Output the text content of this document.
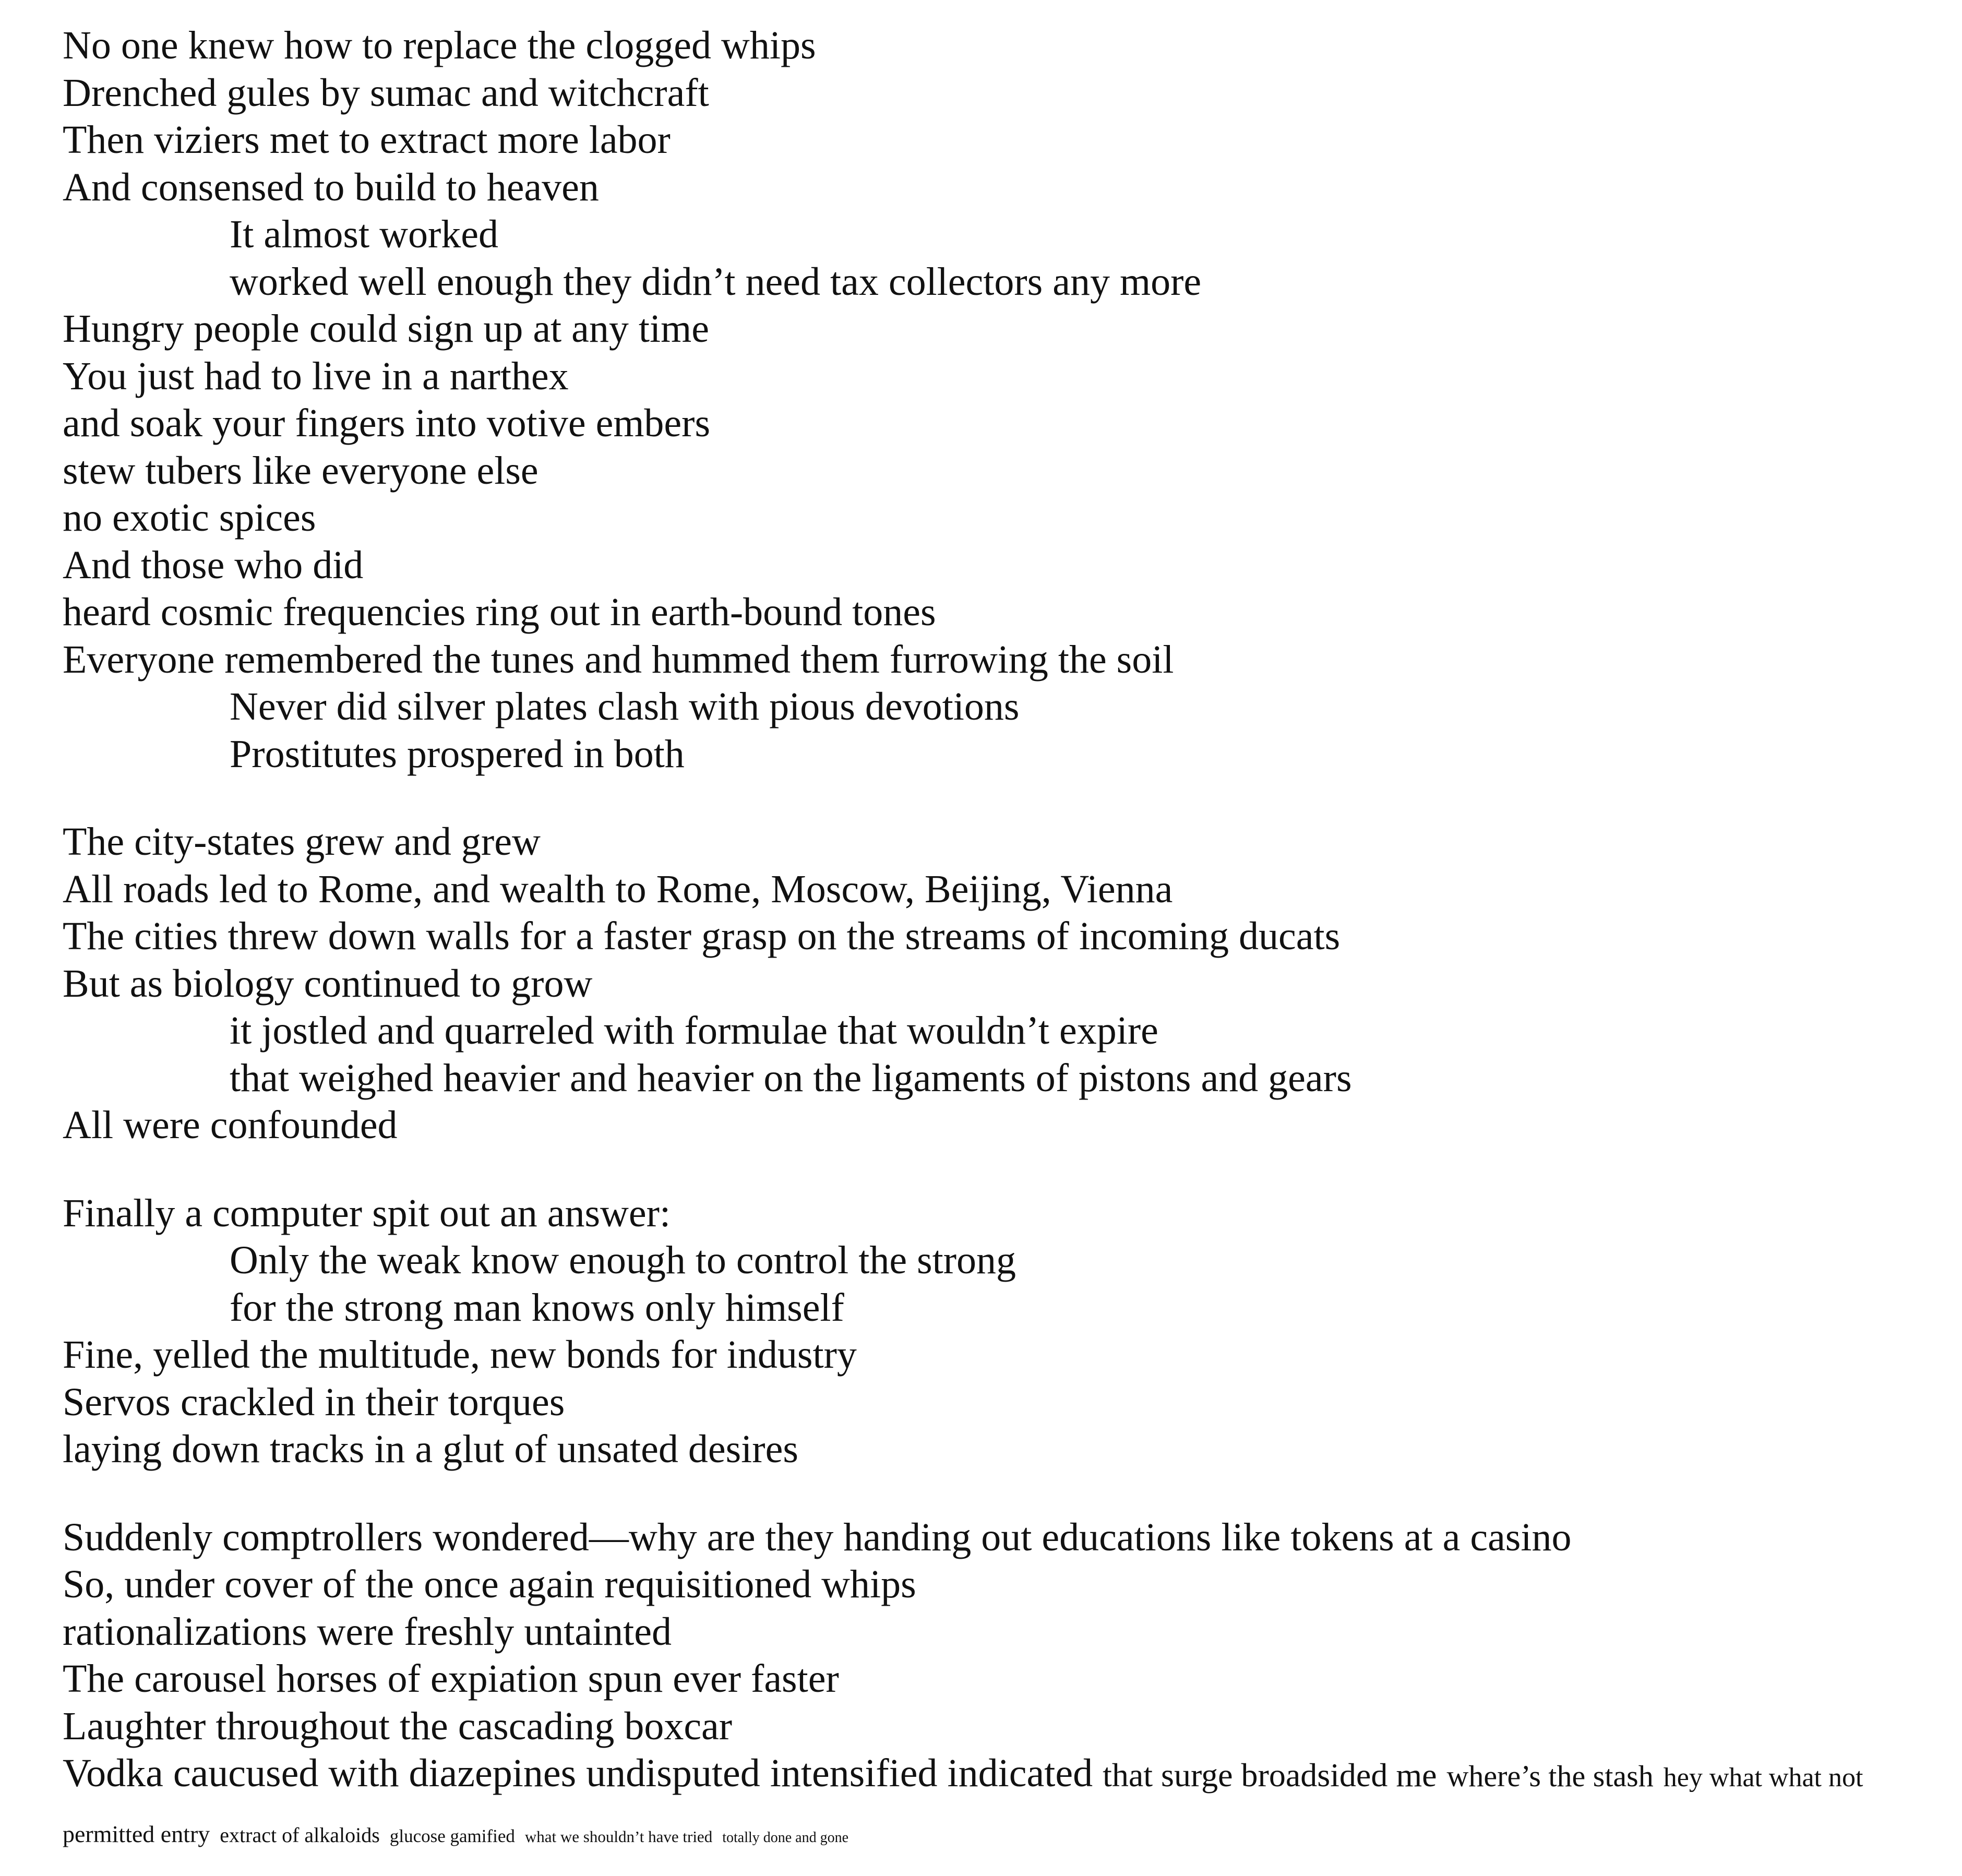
No one knew how to replace the clogged whips
Drenched gules by sumac and witchcraft
Then viziers met to extract more labor
And consensed to build to heaven
It almost worked
worked well enough they didn’t need tax collectors any more
Hungry people could sign up at any time
You just had to live in a narthex
and soak your fingers into votive embers
stew tubers like everyone else
no exotic spices
And those who did
heard cosmic frequencies ring out in earth-bound tones
Everyone remembered the tunes and hummed them furrowing the soil
Never did silver plates clash with pious devotions
Prostitutes prospered in both
The city-states grew and grew
All roads led to Rome, and wealth to Rome, Moscow, Beijing, Vienna
The cities threw down walls for a faster grasp on the streams of incoming ducats
But as biology continued to grow
it jostled and quarreled with formulae that wouldn’t expire
that weighed heavier and heavier on the ligaments of pistons and gears
All were confounded
Finally a computer spit out an answer:
Only the weak know enough to control the strong
for the strong man knows only himself
Fine, yelled the multitude, new bonds for industry
Servos crackled in their torques
laying down tracks in a glut of unsated desires
Suddenly comptrollers wondered—why are they handing out educations like tokens at a casino
So, under cover of the once again requisitioned whips
rationalizations were freshly untainted
The carousel horses of expiation spun ever faster
Laughter throughout the cascading boxcar
Vodka caucused with diazepines undisputed intensified indicated that surge broadsided me where’s the stash hey what what not
permitted entry extract of alkaloids glucose gamified what we shouldn’t have tried totally done and gone
